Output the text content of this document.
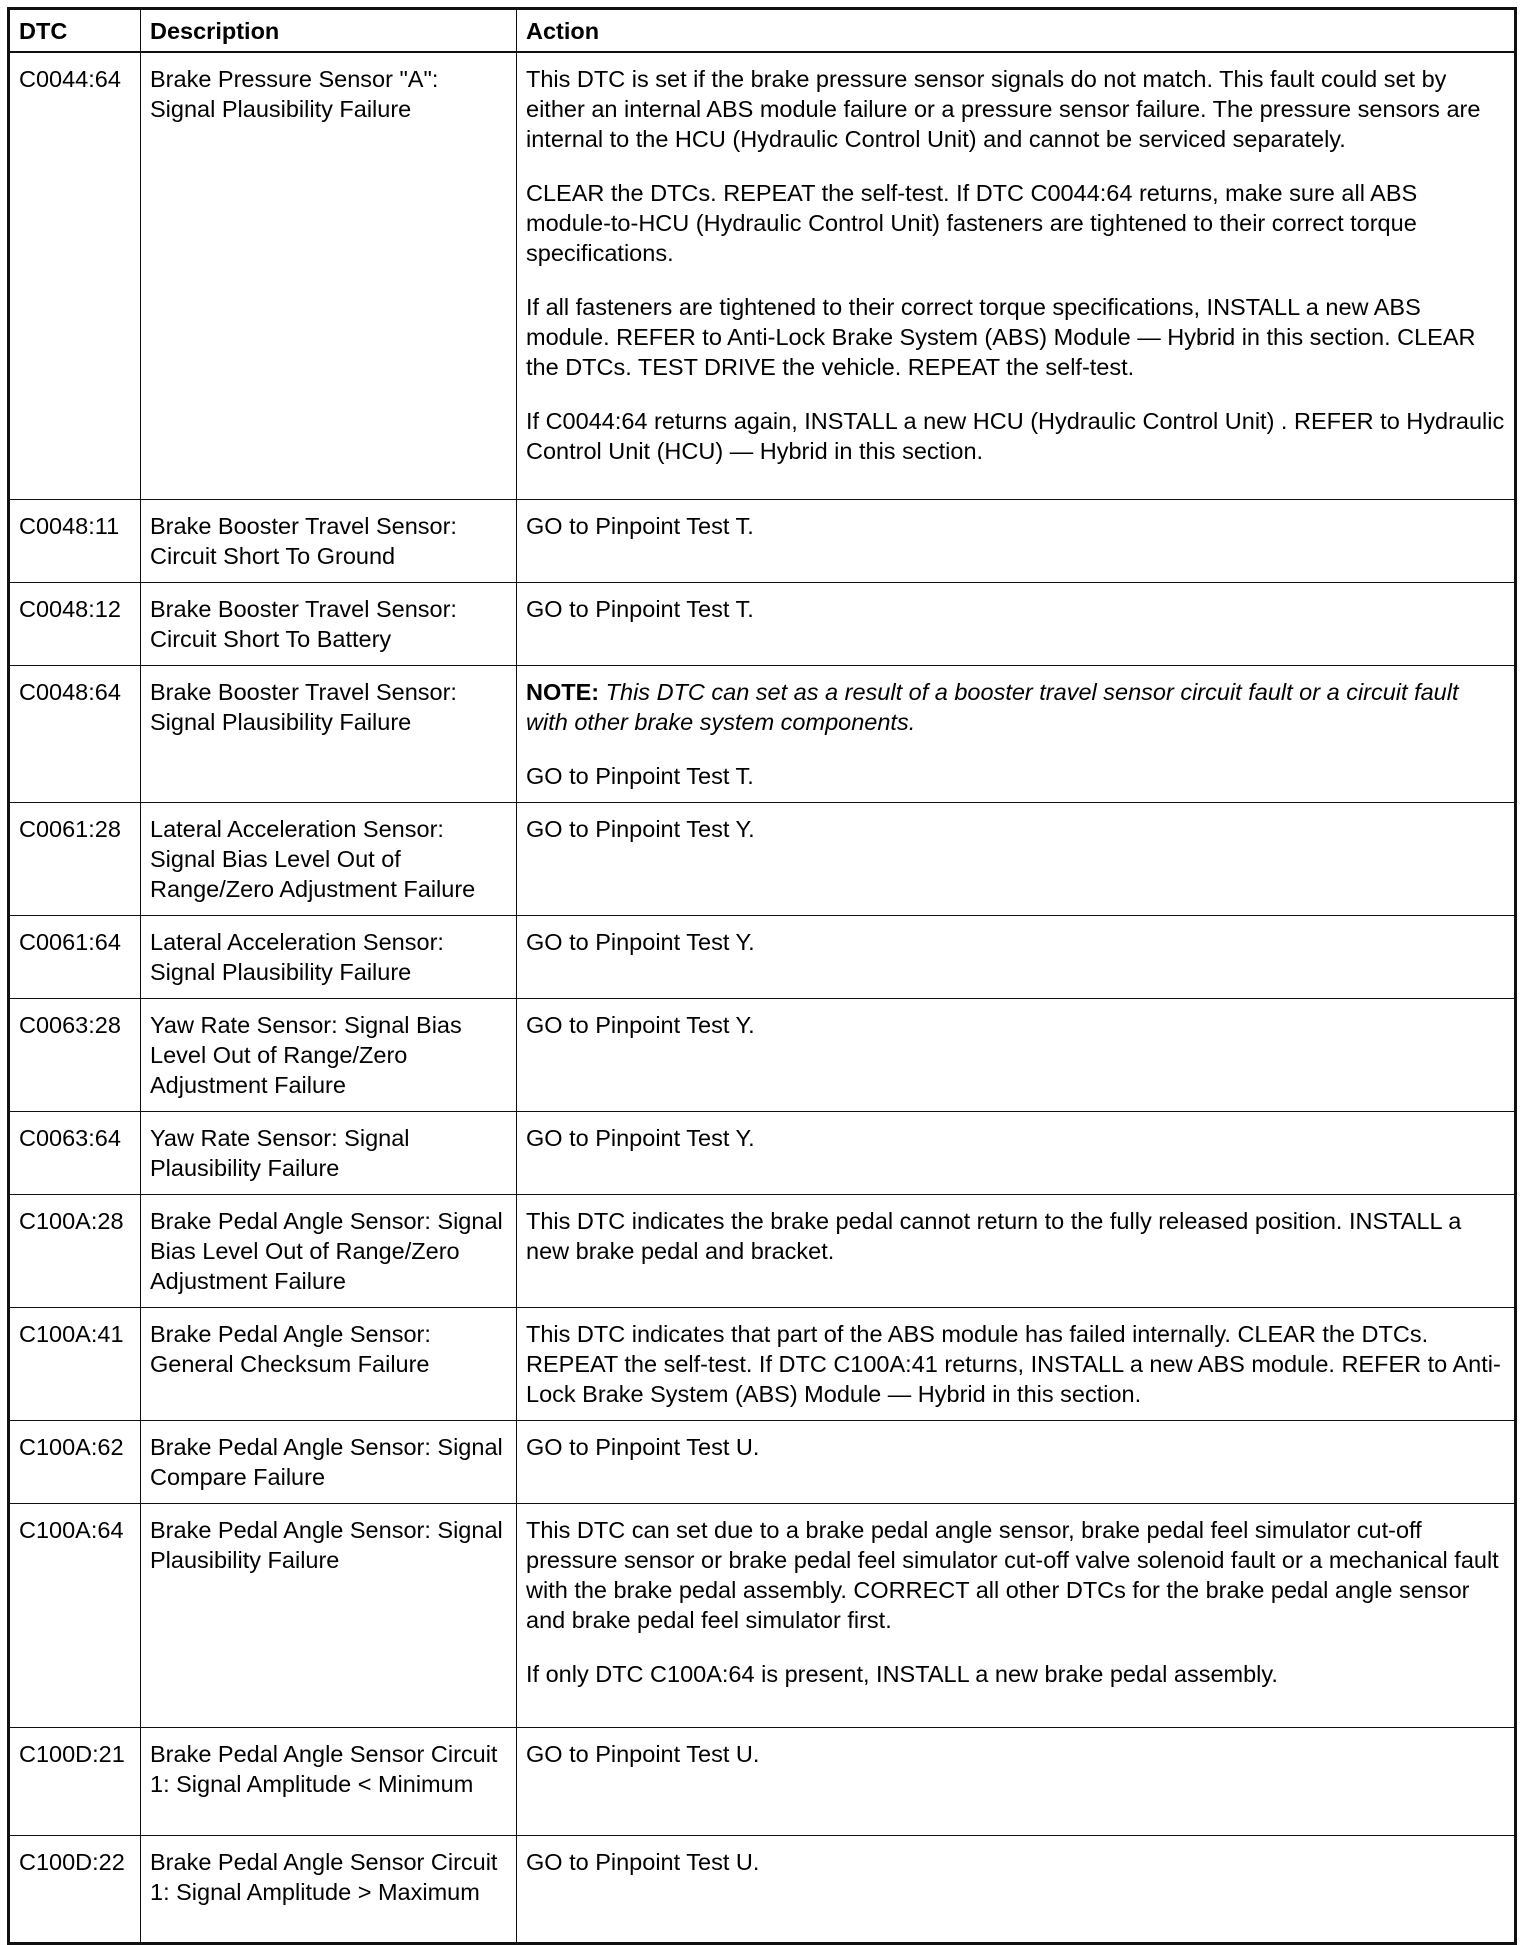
DTC	Description	Action
C0044:64	Brake Pressure Sensor "A": Signal Plausibility Failure	This DTC is set if the brake pressure sensor signals do not match. This fault could set by either an internal ABS module failure or a pressure sensor failure. The pressure sensors are internal to the HCU (Hydraulic Control Unit) and cannot be serviced separately.

CLEAR the DTCs. REPEAT the self-test. If DTC C0044:64 returns, make sure all ABS module-to-HCU (Hydraulic Control Unit) fasteners are tightened to their correct torque specifications.

If all fasteners are tightened to their correct torque specifications, INSTALL a new ABS module. REFER to Anti-Lock Brake System (ABS) Module — Hybrid in this section. CLEAR the DTCs. TEST DRIVE the vehicle. REPEAT the self-test.

If C0044:64 returns again, INSTALL a new HCU (Hydraulic Control Unit) . REFER to Hydraulic Control Unit (HCU) — Hybrid in this section.

C0048:11	Brake Booster Travel Sensor: Circuit Short To Ground	GO to Pinpoint Test T.

C0048:12	Brake Booster Travel Sensor: Circuit Short To Battery	GO to Pinpoint Test T.

C0048:64	Brake Booster Travel Sensor: Signal Plausibility Failure	NOTE: This DTC can set as a result of a booster travel sensor circuit fault or a circuit fault with other brake system components.

GO to Pinpoint Test T.

C0061:28	Lateral Acceleration Sensor: Signal Bias Level Out of Range/Zero Adjustment Failure	GO to Pinpoint Test Y.

C0061:64	Lateral Acceleration Sensor: Signal Plausibility Failure	GO to Pinpoint Test Y.

C0063:28	Yaw Rate Sensor: Signal Bias Level Out of Range/Zero Adjustment Failure	GO to Pinpoint Test Y.

C0063:64	Yaw Rate Sensor: Signal Plausibility Failure	GO to Pinpoint Test Y.

C100A:28	Brake Pedal Angle Sensor: Signal Bias Level Out of Range/Zero Adjustment Failure	This DTC indicates the brake pedal cannot return to the fully released position. INSTALL a new brake pedal and bracket.

C100A:41	Brake Pedal Angle Sensor: General Checksum Failure	This DTC indicates that part of the ABS module has failed internally. CLEAR the DTCs. REPEAT the self-test. If DTC C100A:41 returns, INSTALL a new ABS module. REFER to Anti-Lock Brake System (ABS) Module — Hybrid in this section.

C100A:62	Brake Pedal Angle Sensor: Signal Compare Failure	GO to Pinpoint Test U.

C100A:64	Brake Pedal Angle Sensor: Signal Plausibility Failure	This DTC can set due to a brake pedal angle sensor, brake pedal feel simulator cut-off pressure sensor or brake pedal feel simulator cut-off valve solenoid fault or a mechanical fault with the brake pedal assembly. CORRECT all other DTCs for the brake pedal angle sensor and brake pedal feel simulator first.

If only DTC C100A:64 is present, INSTALL a new brake pedal assembly.

C100D:21	Brake Pedal Angle Sensor Circuit 1: Signal Amplitude < Minimum	GO to Pinpoint Test U.

C100D:22	Brake Pedal Angle Sensor Circuit 1: Signal Amplitude > Maximum	GO to Pinpoint Test U.
